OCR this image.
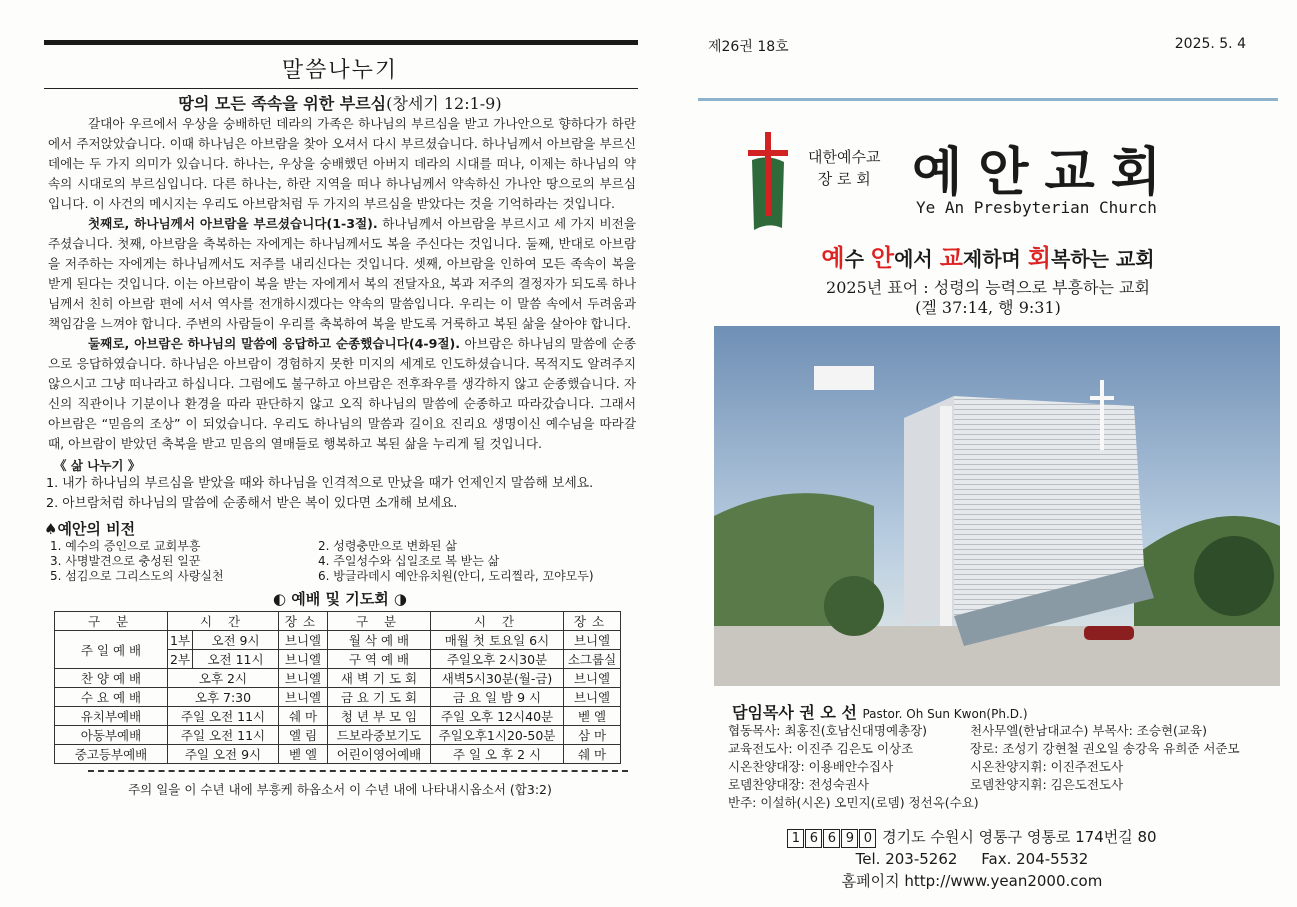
말씀나누기
땅의 모든 족속을 위한 부르심(창세기 12:1-9)

갈대아 우르에서 우상을 숭배하던 데라의 가족은 하나님의 부르심을 받고 가나안으로 향하다가 하란에서 주저앉았습니다. 이때 하나님은 아브람을 찾아 오셔서 다시 부르셨습니다. 하나님께서 아브람을 부르신 데에는 두 가지 의미가 있습니다. 하나는, 우상을 숭배했던 아버지 데라의 시대를 떠나, 이제는 하나님의 약속의 시대로의 부르심입니다. 다른 하나는, 하란 지역을 떠나 하나님께서 약속하신 가나안 땅으로의 부르심입니다. 이 사건의 메시지는 우리도 아브람처럼 두 가지의 부르심을 받았다는 것을 기억하라는 것입니다.

첫째로, 하나님께서 아브람을 부르셨습니다(1-3절). 하나님께서 아브람을 부르시고 세 가지 비전을 주셨습니다. 첫째, 아브람을 축복하는 자에게는 하나님께서도 복을 주신다는 것입니다. 둘째, 반대로 아브람을 저주하는 자에게는 하나님께서도 저주를 내리신다는 것입니다. 셋째, 아브람을 인하여 모든 족속이 복을 받게 된다는 것입니다. 이는 아브람이 복을 받는 자에게서 복의 전달자요, 복과 저주의 결정자가 되도록 하나님께서 친히 아브람 편에 서서 역사를 전개하시겠다는 약속의 말씀입니다. 우리는 이 말씀 속에서 두려움과 책임감을 느껴야 합니다. 주변의 사람들이 우리를 축복하여 복을 받도록 거룩하고 복된 삶을 살아야 합니다.

둘째로, 아브람은 하나님의 말씀에 응답하고 순종했습니다(4-9절). 아브람은 하나님의 말씀에 순종으로 응답하였습니다. 하나님은 아브람이 경험하지 못한 미지의 세계로 인도하셨습니다. 목적지도 알려주지 않으시고 그냥 떠나라고 하십니다. 그럼에도 불구하고 아브람은 전후좌우를 생각하지 않고 순종했습니다. 자신의 직관이나 기분이나 환경을 따라 판단하지 않고 오직 하나님의 말씀에 순종하고 따라갔습니다. 그래서 아브람은 “믿음의 조상” 이 되었습니다. 우리도 하나님의 말씀과 길이요 진리요 생명이신 예수님을 따라갈 때, 아브람이 받았던 축복을 받고 믿음의 열매들로 행복하고 복된 삶을 누리게 될 것입니다.

《 삶 나누기 》
1. 내가 하나님의 부르심을 받았을 때와 하나님을 인격적으로 만났을 때가 언제인지 말씀해 보세요.
2. 아브람처럼 하나님의 말씀에 순종해서 받은 복이 있다면 소개해 보세요.
♠예안의 비전
1. 예수의 증인으로 교회부흥	2. 성령충만으로 변화된 삶
3. 사명발견으로 충성된 일꾼	4. 주일성수와 십일조로 복 받는 삶
5. 섬김으로 그리스도의 사랑실천	6. 방글라데시 예안유치원(안디, 도리찔라, 꼬야모두)
◐ 예배 및 기도회 ◑
구 분	시 간		장소	구 분	시 간	장소
주 일 예 배	1부	오전 9시	브니엘	월 삭 예 배	매월 첫 토요일 6시	브니엘
	2부	오전 11시	브니엘	구 역 예 배	주일오후 2시30분	소그룹실
찬 양 예 배	오후 2시		브니엘	새 벽 기 도 회	새벽5시30분(월-금)	브니엘
수 요 예 배	오후 7:30		브니엘	금 요 기 도 회	금 요 일 밤 9 시	브니엘
유치부예배	주일 오전 11시		쉐 마	청 년 부 모 임	주일 오후 12시40분	벧 엘
아동부예배	주일 오전 11시		엘 림	드보라중보기도	주일오후1시20-50분	삼 마
중고등부예배	주일 오전 9시		벧 엘	어린이영어예배	주 일 오 후 2 시	쉐 마
주의 일을 이 수년 내에 부흥케 하옵소서 이 수년 내에 나타내시옵소서 (합3:2)
제26권 18호	2025. 5. 4
대한예수교
장 로 회 예안교회
Ye An Presbyterian Church
예수 안에서 교제하며 회복하는 교회
2025년 표어 : 성령의 능력으로 부흥하는 교회
(겔 37:14, 행 9:31)
담임목사 권 오 선 Pastor. Oh Sun Kwon(Ph.D.)
협동목사: 최홍진(호남신대명예총장)	천사무엘(한남대교수) 부목사: 조승현(교육)
교육전도사: 이진주 김은도 이상조	장로: 조성기 강현철 권오일 송강욱 유희준 서준모
시온찬양대장: 이용배안수집사	시온찬양지휘: 이진주전도사
로뎀찬양대장: 전성숙권사	로뎀찬양지휘: 김은도전도사
반주: 이설하(시온) 오민지(로뎀) 정선옥(수요)
1 6 6 9 0 경기도 수원시 영통구 영통로 174번길 80
Tel. 203-5262     Fax. 204-5532
홈페이지 http://www.yean2000.com
